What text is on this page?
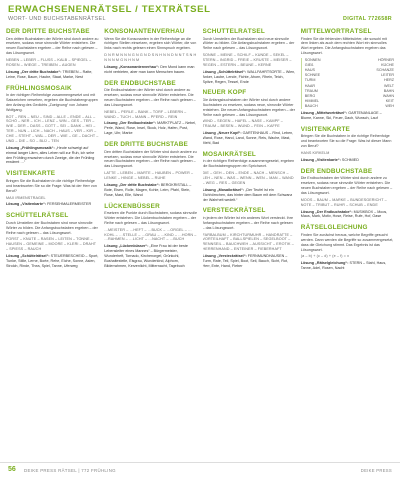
ERWACHSENENRÄTSEL / TEXTRÄTSEL
WORT- UND BUCHSTABENRÄTSEL	DIGITAL 772658R
DER DRITTE BUCHSTABE
Den dritten Buchstaben der Wörter sind durch andere zu ersetzen, sodass neue sinnvolle Wörter entstehen. Die neuen Buchstaben ergeben – der Reihe nach gelesen – das Lösungswort.
NEBEN – LEBER – FLUSS – KALB – SPIEGEL – ROSEN – WIEGE – TREIBEN – AUGEN
Lösung „Der dritte Buchstabe“: TRIEBEN – Ratte, Leine, Rose, Baum, Haube, Staat, Marke, Nest
FRÜHLINGSMOSAIK
In der richtigen Reihenfolge zusammengesetzt und mit Satzzeichen versehen, ergeben die Buchstabengruppen den Anfang des Gedichts „Zueignung“ von Johann Wolfgang.
BOT – REN – NEU – SIND – ALLE – ENDE – ALL – SCHÖ – NER – ICH – LENZ – WIN – GES – TER – WIE – DER – DASS – GOTT – SEI – DANK – HEI – TER – NUN – LICH – NACH – HAUS – VER – KIR – CHE – STEHT – WÄL – DER – WIE – GE – DACHT – UND – DIE – SO – BLÜ – TEN
Lösung „Frühlingsmosaik“: „Heute schweigt auf einmal langer Lärm, alles Leben will zur Ruh, ich sehe den Frühling erwachen durch Zweige, die der Frühling erwärmt …“
VISITENKARTE
Bringen Sie die Buchstaben in die richtige Reihenfolge und beantworten Sie so die Frage: Was ist der Herr von Beruf?
MAX IRMENSTRAGEL
Lösung „Visitenkarte“: FERSEHMALERMEISTER
SCHÜTTELRÄTSEL
Durch Umstellen der Buchstaben sind neue sinnvolle Wörter zu bilden. Die Anfangsbuchstaben ergeben – der Reihe nach gelesen – das Lösungswort.
FORST – KNUTE – RASEN – LEITEN – TONNE – HAUSEN – GEMEINE – MOORE – KLERI – DRAHT – SPIESS – RAUCH
Lösung „Schüttelrätsel“: STEUERBESCHEID – Sport, Tunke, Stille, Lerne, Borte, Rehe, Eiche, Sonne, Asien, Strolch, Rinde, Thea, Spiel, Tanne, Uferweg
KONSONANTENVERHAU
Wenn Sie die Konsonanten in der Reihenfolge an die richtigen Stellen einsetzen, ergeben sich Wörter, die von links nach rechts gelesen einen Sinnspruch ergeben.
D N R M N N N G N G N D S N H N N D N N T S N H N N N M G N H N M
Lösung „Konsonantenverhau“: Den Mond kann man nicht verbieten, aber man kann Menschen bauen.
DER ENDBUCHSTABE
Die Endbuchstaben der Wörter sind durch andere zu ersetzen, sodass neue sinnvolle Wörter entstehen. Die neuen Buchstaben ergeben – der Reihe nach gelesen – das Lösungswort.
NEBEL – PERLE – BANK – TORF – LEBERN – WAND – TUCH – MANN – PFERD – REIN
Lösung „Der Endbuchstabe“: MARKTPLATZ – Nebel, Perle, Wand, Rose, Insel, Stock, Holz, Hafen, Post, Lage, Uhr, Marke
DER DRITTE BUCHSTABE
Den dritten Buchstaben der Wörter sind durch andere zu ersetzen, sodass neue sinnvolle Wörter entstehen. Die neuen Buchstaben ergeben – der Reihe nach gelesen – das Lösungswort.
LATTE – LEBEN – MARTE – HAUBEN – POWER – LENKE – HINGE – NEBEL – RUHE
Lösung „Der dritte Buchstabe“: BERGKRISTALL – Bote, Eisen, Rolle, Magen, Kohle, Leim, Pfahl, Stein, Rose, Mast, Elle, Wand
LÜCKENBÜSSER
Ersetzen die Punkte durch Buchstaben, sodass sinnvolle Wörter entstehen. Die Lückenbuchstaben ergeben – der Reihe nach gelesen – das Lösungswort.
…MEISTER – …HEFT – …BUCK – …ORGEL – …KOHL – …STELLE – …GRAU – …KIND – …HORN – …RAHMEN – …LICHT – …NACHT – …BUCH
Lösung „Lückenbüsser“: „Eine Frau ist der beste Lebensleiter eines Mannes“ – Bürgermeister, Wunderheft, Tornado, Kirchenorgel, Grünkohl, Bushaltestelle, Eisgrau, Wunderkind, Alphorn, Bilderrahmen, Kerzenlicht, Mitternacht, Tagebuch
SCHÜTTELRÄTSEL
Durch Umstellen der Buchstaben sind neue sinnvolle Wörter zu bilden. Die Anfangsbuchstaben ergeben – der Reihe nach gelesen – das Lösungswort.
SONNE – MEINE – SCHILF – KUNDE – SEKEL – STERN – INGRID – FREIE – KRUSTE – MEISER – REGEN – ESTERN – BEUNE – KERNE
Lösung „Schüttelrätsel“: WALLFAHRTSORTE – Wien, Anker, Laube, Lende, Fichte, Ahorn, Rhein, Teich, Spitze, Regen, Tessel, Ende
NEUER KOPF
Die Anfangsbuchstaben der Wörter sind durch andere Buchstaben zu ersetzen, sodass neue, sinnvolle Wörter entstehen. Die neuen Anfangsbuchstaben ergeben – der Reihe nach gelesen – das Lösungswort.
WIND – SEGEN – HAFEL – NASE – KAMPF – TRAUM – BESEN – WUND – FEIN – KAFFE
Lösung „Neuer Kopf“: GARTENHAUS – Rind, Leben, Wand, Rose, Hand, Land, Sonne, Reis, Wache, Mast, Mehl, Bad
MOSAIKRÄTSEL
In der richtigen Reihenfolge zusammengesetzt, ergeben die Buchstabengruppen ein Sprichwort.
DIE – GEH – DEN – ENDE – NACH – MENSCH – LEH – NEN – WAS – WENN – WEN – MAN – WAND – WEG – RES – GEGEN
Lösung „Mosaikrätsel“: „Der Teufel ist ein Eichhörnchen, das hinter dem Baum mit dem Schwanz der Wahrheit wedelt.“
VERSTECKRÄTSEL
In jedem der Wörter ist ein anderes Wort versteckt. Ihre Anfangsbuchstaben ergeben – der Reihe nach gelesen – das Lösungswort.
FARBALBUM – KIRCHTURMUHR – HANDRATTE – VORTEILHAFT – BALLSPIELEN – SEGELBOOT – RENNSEIL – BAUCHWEH – AUSSICHT – EROTIK – HERRENHAND – ENTEINER – FIEBERHAFT
Lösung „Versteckrätsel“: FERNMUNDHAUSEN – Turm, Rate, Teil, Spiel, Boot, Seil, Bauch, Sicht, Rot, Herr, Ente, Hand, Fieber
MITTELWORTRÄTSEL
Finden Sie die fehlenden Mittelwörter, die sowohl mit dem linken als auch dem rechten Wort ein sinnvolles Wort ergeben. Die Anfangsbuchstaben ergeben das Lösungswort.
SONNEN	HÖRNER
GIEß	KÜCHE
HAUS	SCHANZE
SCHNEE	LEITER
TURM	HERZ
HAAR	WELT
TRAUM	BAHN
BERG	WAHN
HIMMEL	KEIT
BAUCH	WEH
Lösung „Mittelworträtsel“: GARTENANLAGE – Blume, Kanne, Ski, Feuer, Dach, Wunsch, Lauf
VISITENKARTE
Bringen Sie die Buchstaben in die richtige Reihenfolge und beantworten Sie so die Frage: Was ist dieser Mann von Beruf?
HANS KIRKELM
Lösung „Visitenkarte“: SCHMIED
DER ENDBUCHSTABE
Die Endbuchstaben der Wörter sind durch andere zu ersetzen, sodass neue sinnvolle Wörter entstehen. Die neuen Buchstaben ergeben – der Reihe nach gelesen – das Lösungswort.
MOOS – BAUM – MARKE – BUNDESGERICHT – NOTE – TRIBUT – RUHR – SCHUB – ENDE
Lösung „Der Endbuchstabe“: MUSIKBOX – Moos, Maus, Mark, Motiv, Hose, Reise, Rufe, Hof, Oase
RÄTSELGLEICHUNG
Finden Sie zunächst heraus, welche Begriffe gesucht werden. Dann werden die Begriffe so zusammengesetzt, dass die Gleichung stimmt. Das Ergebnis ist das Lösungswort.
(a – b) + (c – d) + (e – f) = x
Lösung „Rätselgleichung“: STERN – Stahl, Haus, Tanne, Adel, Rosen, Nacht
56 DEIKE PRESS RÄTSEL | 772 FRÜHLING	DEIKE PRESS
